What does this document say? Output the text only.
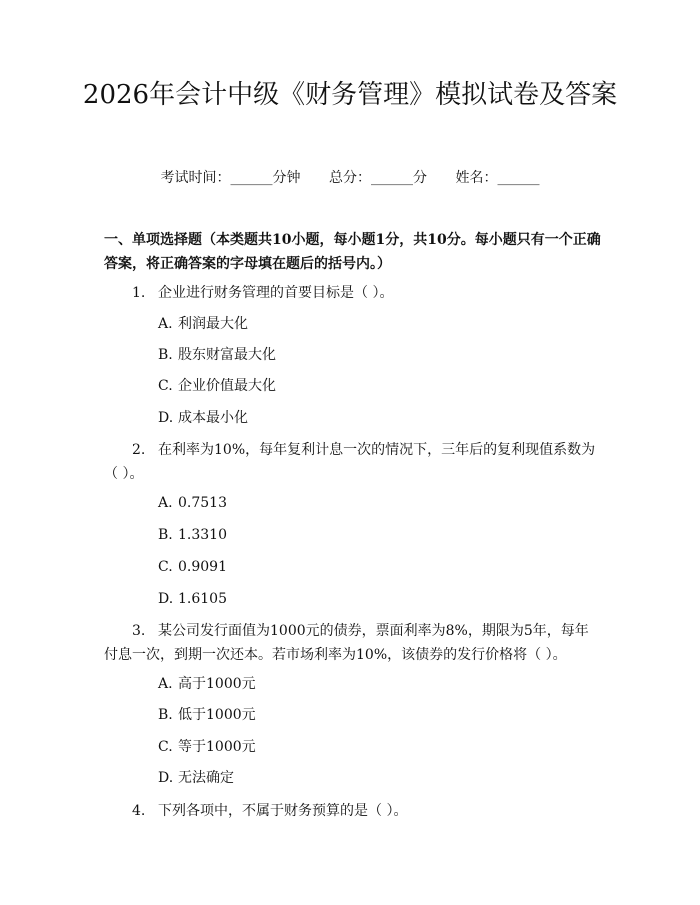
2026年会计中级《财务管理》模拟试卷及答案
考试时间：______分钟 总分：______分 姓名：______

一、单项选择题（本类题共10小题，每小题1分，共10分。每小题只有一个正确答案，将正确答案的字母填在题后的括号内。）

1. 企业进行财务管理的首要目标是（ ）。

A. 利润最大化

B. 股东财富最大化

C. 企业价值最大化

D. 成本最小化

2. 在利率为10%，每年复利计息一次的情况下，三年后的复利现值系数为（ ）。

A. 0.7513

B. 1.3310

C. 0.9091

D. 1.6105

3. 某公司发行面值为1000元的债券，票面利率为8%，期限为5年，每年付息一次，到期一次还本。若市场利率为10%，该债券的发行价格将（ ）。

A. 高于1000元

B. 低于1000元

C. 等于1000元

D. 无法确定

4. 下列各项中，不属于财务预算的是（ ）。
